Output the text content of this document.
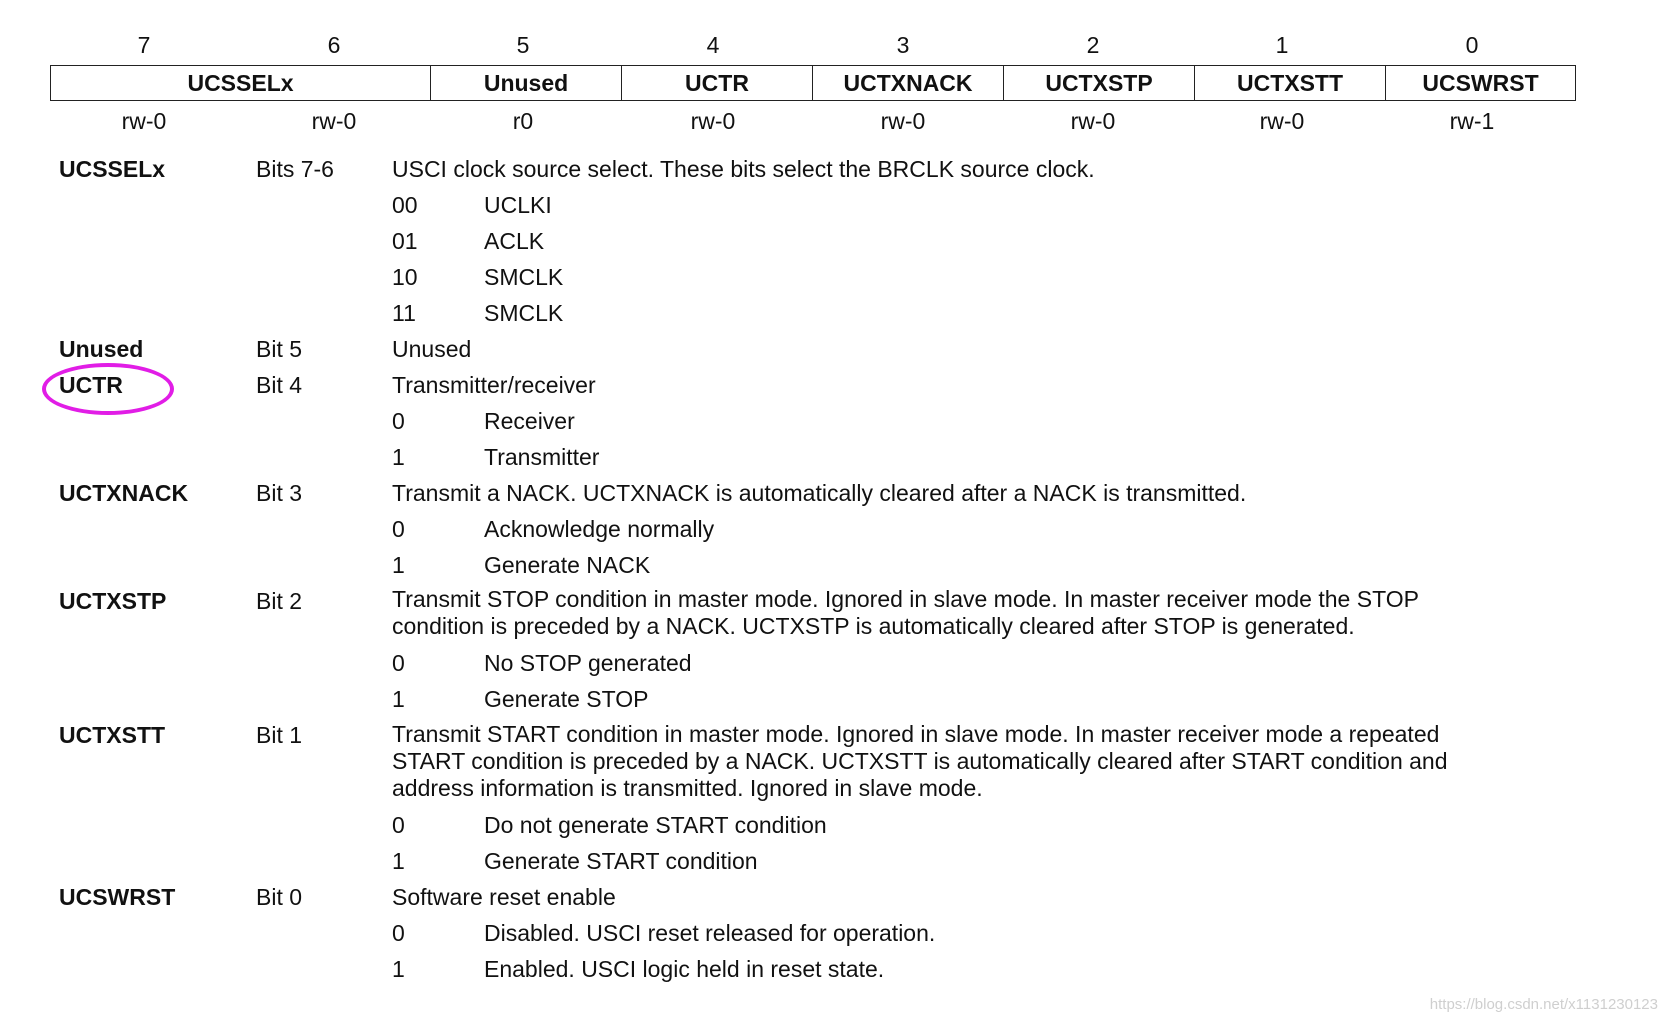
7	6	5	4	3	2	1	0
UCSSELx	Unused	UCTR	UCTXNACK	UCTXSTP	UCTXSTT	UCSWRST
rw-0	rw-0	r0	rw-0	rw-0	rw-0	rw-0	rw-1
UCSSELx	Bits 7-6	USCI clock source select. These bits select the BRCLK source clock.
00	UCLKI
01	ACLK
10	SMCLK
11	SMCLK
Unused	Bit 5	Unused
UCTR	Bit 4	Transmitter/receiver
0	Receiver
1	Transmitter
UCTXNACK	Bit 3	Transmit a NACK. UCTXNACK is automatically cleared after a NACK is transmitted.
0	Acknowledge normally
1	Generate NACK
UCTXSTP	Bit 2	Transmit STOP condition in master mode. Ignored in slave mode. In master receiver mode the STOP
condition is preceded by a NACK. UCTXSTP is automatically cleared after STOP is generated.
0	No STOP generated
1	Generate STOP
UCTXSTT	Bit 1	Transmit START condition in master mode. Ignored in slave mode. In master receiver mode a repeated
START condition is preceded by a NACK. UCTXSTT is automatically cleared after START condition and
address information is transmitted. Ignored in slave mode.
0	Do not generate START condition
1	Generate START condition
UCSWRST	Bit 0	Software reset enable
0	Disabled. USCI reset released for operation.
1	Enabled. USCI logic held in reset state.
https://blog.csdn.net/x1131230123
